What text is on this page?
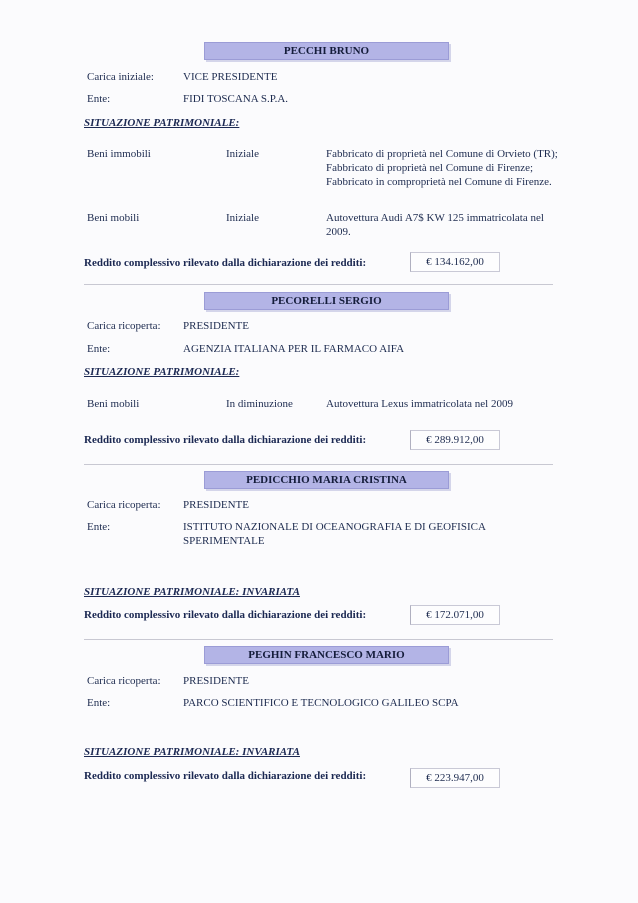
PECCHI BRUNO
Carica iniziale:	VICE PRESIDENTE
Ente:	FIDI TOSCANA S.P.A.
SITUAZIONE PATRIMONIALE:
Beni immobili	Iniziale	Fabbricato di proprietà nel Comune di Orvieto (TR); Fabbricato di proprietà nel Comune di Firenze; Fabbricato in comproprietà nel Comune di Firenze.
Beni mobili	Iniziale	Autovettura Audi A7$ KW 125 immatricolata nel 2009.
Reddito complessivo rilevato dalla dichiarazione dei redditi:	€ 134.162,00
PECORELLI SERGIO
Carica ricoperta: PRESIDENTE
Ente:	AGENZIA ITALIANA PER IL FARMACO AIFA
SITUAZIONE PATRIMONIALE:
Beni mobili	In diminuzione	Autovettura Lexus immatricolata nel 2009
Reddito complessivo rilevato dalla dichiarazione dei redditi:	€ 289.912,00
PEDICCHIO MARIA CRISTINA
Carica ricoperta: PRESIDENTE
Ente:	ISTITUTO NAZIONALE DI OCEANOGRAFIA E DI GEOFISICA SPERIMENTALE
SITUAZIONE PATRIMONIALE: INVARIATA
Reddito complessivo rilevato dalla dichiarazione dei redditi:	€ 172.071,00
PEGHIN FRANCESCO MARIO
Carica ricoperta: PRESIDENTE
Ente:	PARCO SCIENTIFICO E TECNOLOGICO GALILEO SCPA
SITUAZIONE PATRIMONIALE: INVARIATA
Reddito complessivo rilevato dalla dichiarazione dei redditi:	€ 223.947,00
